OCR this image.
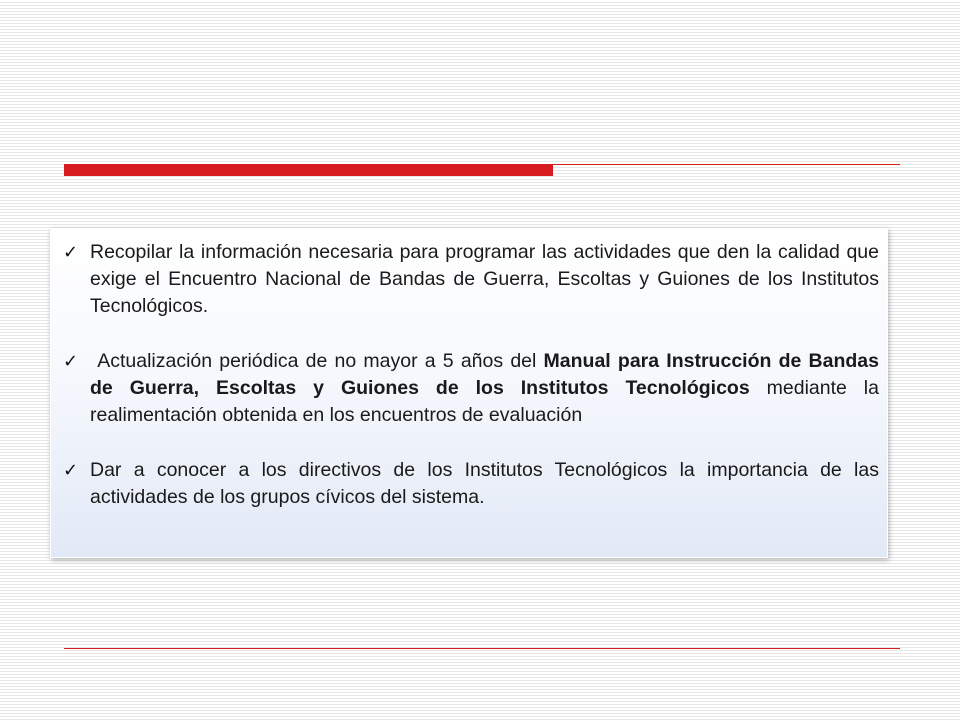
✓ Recopilar la información necesaria para programar las actividades que den la calidad que exige el Encuentro Nacional de Bandas de Guerra, Escoltas y Guiones de los Institutos Tecnológicos.
✓ Actualización periódica de no mayor a 5 años del Manual para Instrucción de Bandas de Guerra, Escoltas y Guiones de los Institutos Tecnológicos mediante la realimentación obtenida en los encuentros de evaluación
✓ Dar a conocer a los directivos de los Institutos Tecnológicos la importancia de las actividades de los grupos cívicos del sistema.
